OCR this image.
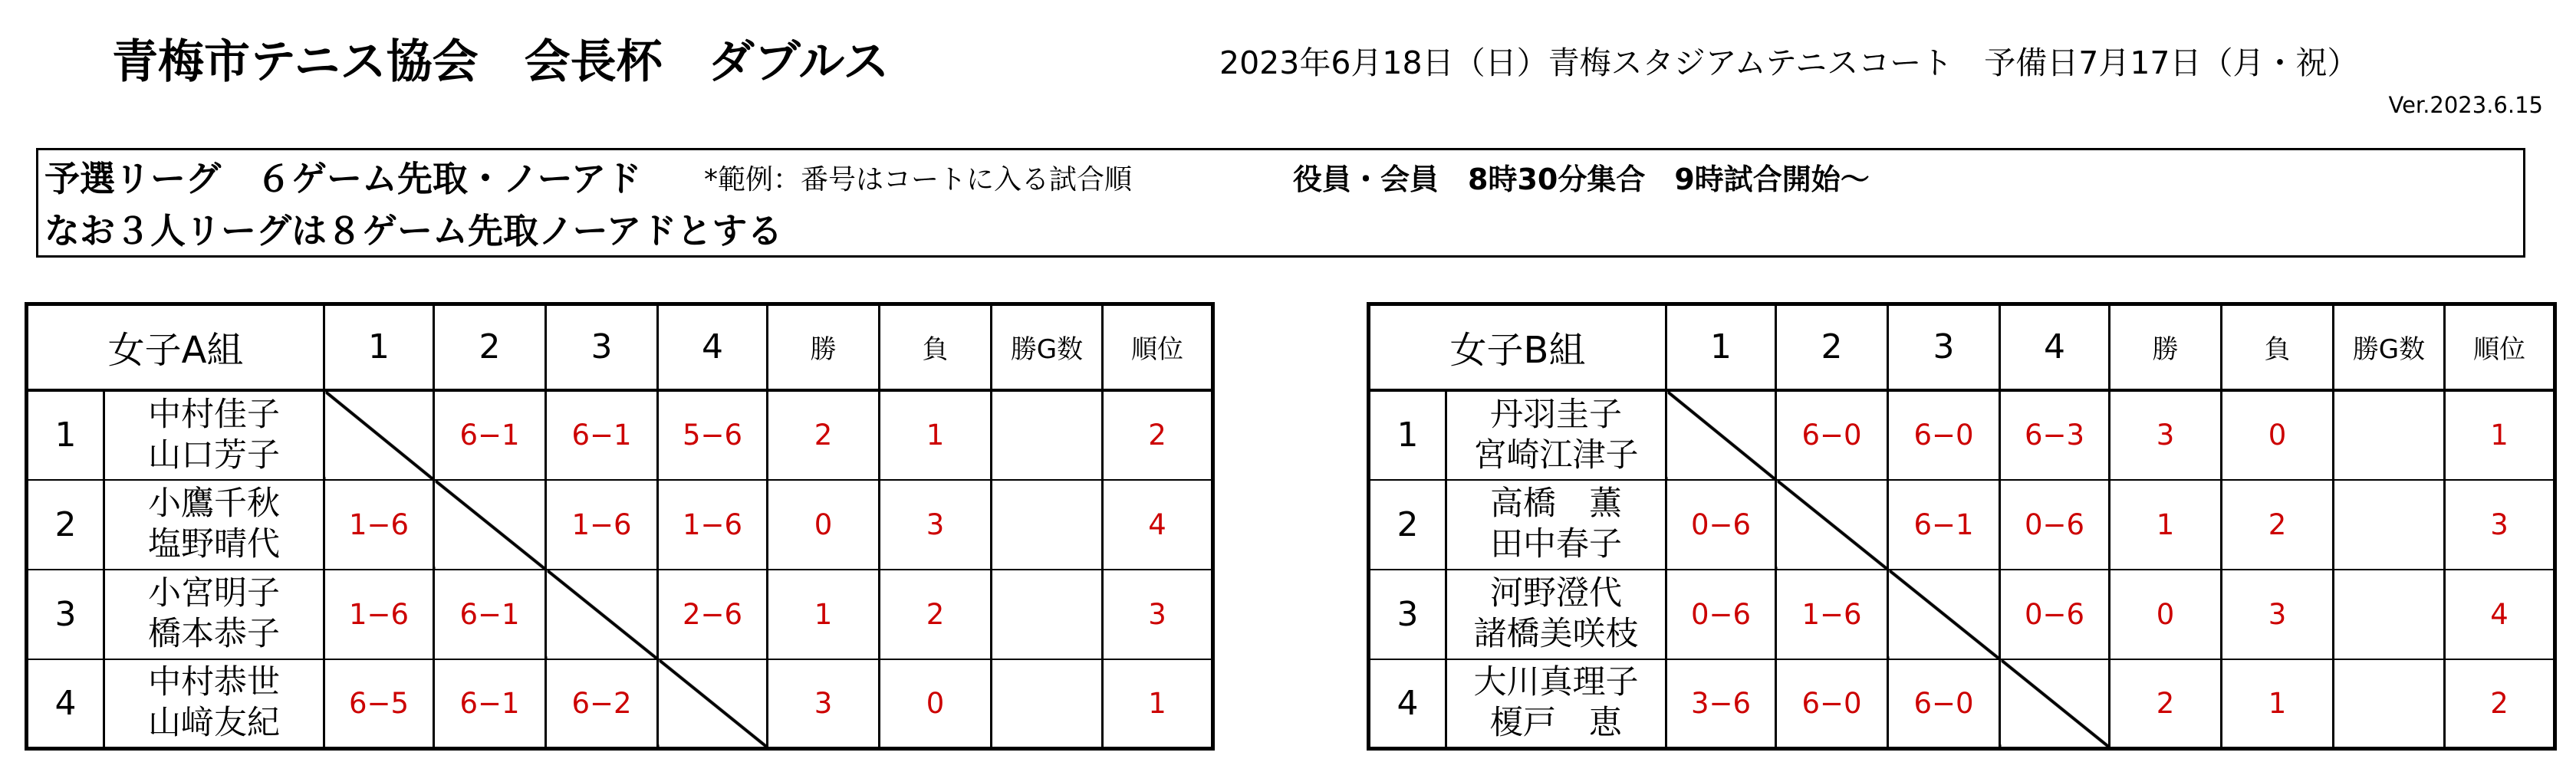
青梅市テニス協会　会長杯　ダブルス	2023年6月18日（日）青梅スタジアムテニスコート　予備日7月17日（月・祝）
Ver.2023.6.15
予選リーグ　６ゲーム先取・ノーアド *範例：番号はコートに入る試合順	役員・会員　8時30分集合　9時試合開始～
なお３人リーグは８ゲーム先取ノーアドとする
女子A組		1	2	3	4	勝	負	勝G数	順位
1	中村佳子
山口芳子		6−1	6−1	5−6	2	1		2
2	小鷹千秋
塩野晴代	1−6		1−6	1−6	0	3		4
3	小宮明子
橋本恭子	1−6	6−1		2−6	1	2		3
4	中村恭世
山﨑友紀	6−5	6−1	6−2		3	0		1
女子B組		1	2	3	4	勝	負	勝G数	順位
1	丹羽圭子
宮崎江津子		6−0	6−0	6−3	3	0		1
2	高橋　薫
田中春子	0−6		6−1	0−6	1	2		3
3	河野澄代
諸橋美咲枝	0−6	1−6		0−6	0	3		4
4	大川真理子
榎戸　恵	3−6	6−0	6−0		2	1		2
